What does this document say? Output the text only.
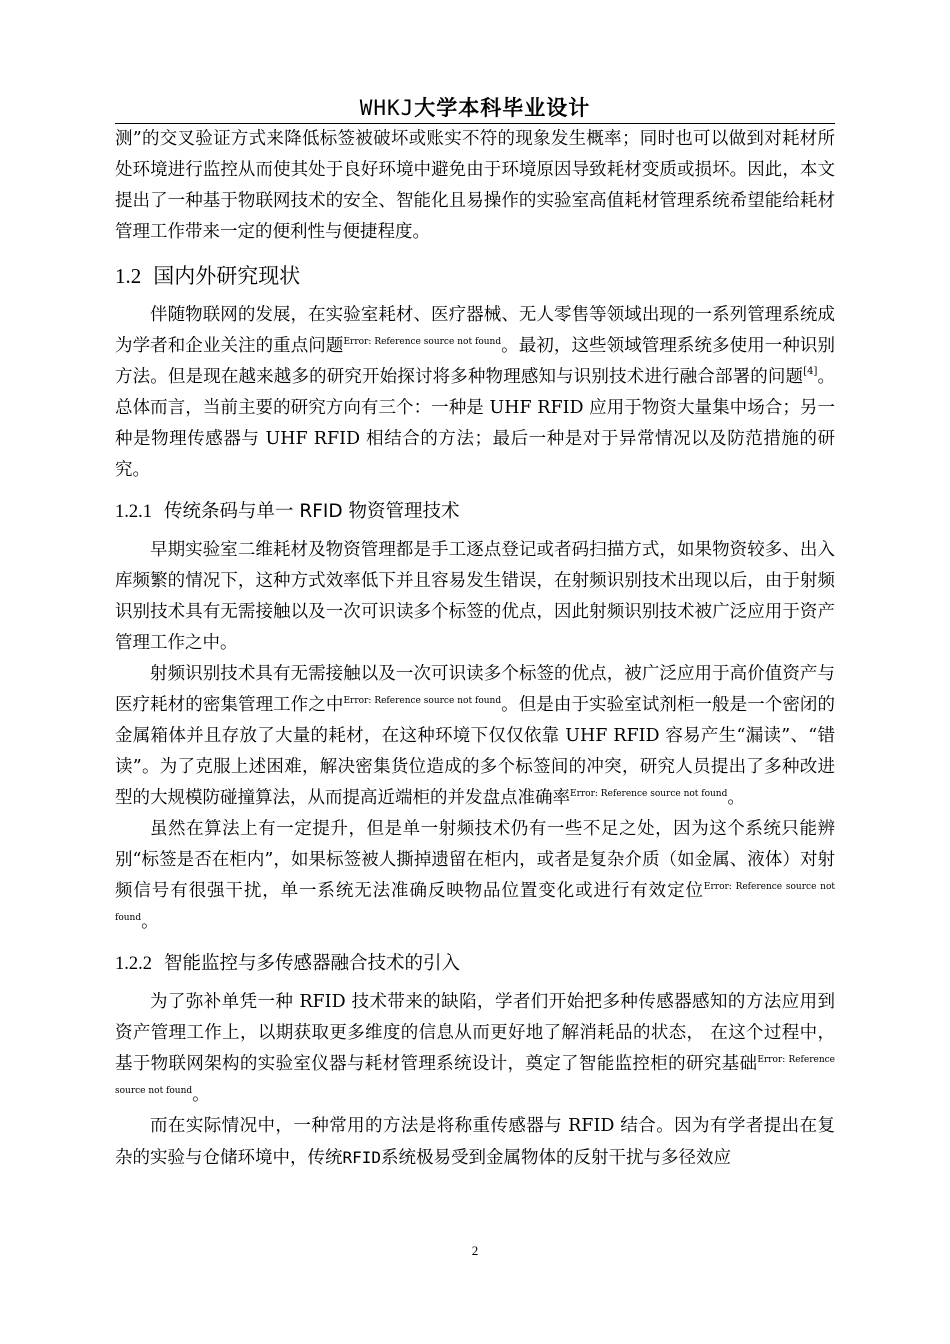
WHKJ大学本科毕业设计

测”的交叉验证方式来降低标签被破坏或账实不符的现象发生概率；同时也可以做到对耗材所处环境进行监控从而使其处于良好环境中避免由于环境原因导致耗材变质或损坏。因此，本文提出了一种基于物联网技术的安全、智能化且易操作的实验室高值耗材管理系统希望能给耗材管理工作带来一定的便利性与便捷程度。

1.2 国内外研究现状

伴随物联网的发展，在实验室耗材、医疗器械、无人零售等领域出现的一系列管理系统成为学者和企业关注的重点问题$^{Error: Reference source not found}$。最初，这些领域管理系统多使用一种识别方法。但是现在越来越多的研究开始探讨将多种物理感知与识别技术进行融合部署的问题[4]。总体而言，当前主要的研究方向有三个：一种是 UHF RFID 应用于物资大量集中场合；另一种是物理传感器与 UHF RFID 相结合的方法；最后一种是对于异常情况以及防范措施的研究。

1.2.1 传统条码与单一 RFID 物资管理技术

早期实验室二维耗材及物资管理都是手工逐点登记或者码扫描方式，如果物资较多、出入库频繁的情况下，这种方式效率低下并且容易发生错误，在射频识别技术出现以后，由于射频识别技术具有无需接触以及一次可识读多个标签的优点，因此射频识别技术被广泛应用于资产管理工作之中。

射频识别技术具有无需接触以及一次可识读多个标签的优点，被广泛应用于高价值资产与医疗耗材的密集管理工作之中$^{Error: Reference source not found}$。但是由于实验室试剂柜一般是一个密闭的金属箱体并且存放了大量的耗材，在这种环境下仅仅依靠 UHF RFID 容易产生“漏读”、“错读”。为了克服上述困难，解决密集货位造成的多个标签间的冲突，研究人员提出了多种改进型的大规模防碰撞算法，从而提高近端柜的并发盘点准确率$^{Error: Reference source not found}$。

虽然在算法上有一定提升，但是单一射频技术仍有一些不足之处，因为这个系统只能辨别“标签是否在柜内”，如果标签被人撕掉遗留在柜内，或者是复杂介质（如金属、液体）对射频信号有很强干扰，单一系统无法准确反映物品位置变化或进行有效定位$^{Error: Reference source not found}$。

1.2.2 智能监控与多传感器融合技术的引入

为了弥补单凭一种 RFID 技术带来的缺陷，学者们开始把多种传感器感知的方法应用到资产管理工作上，以期获取更多维度的信息从而更好地了解消耗品的状态， 在这个过程中，基于物联网架构的实验室仪器与耗材管理系统设计，奠定了智能监控柜的研究基础$^{Error: Reference source not found}$。

而在实际情况中，一种常用的方法是将称重传感器与 RFID 结合。因为有学者提出在复杂的实验与仓储环境中，传统RFID系统极易受到金属物体的反射干扰与多径效应

2
